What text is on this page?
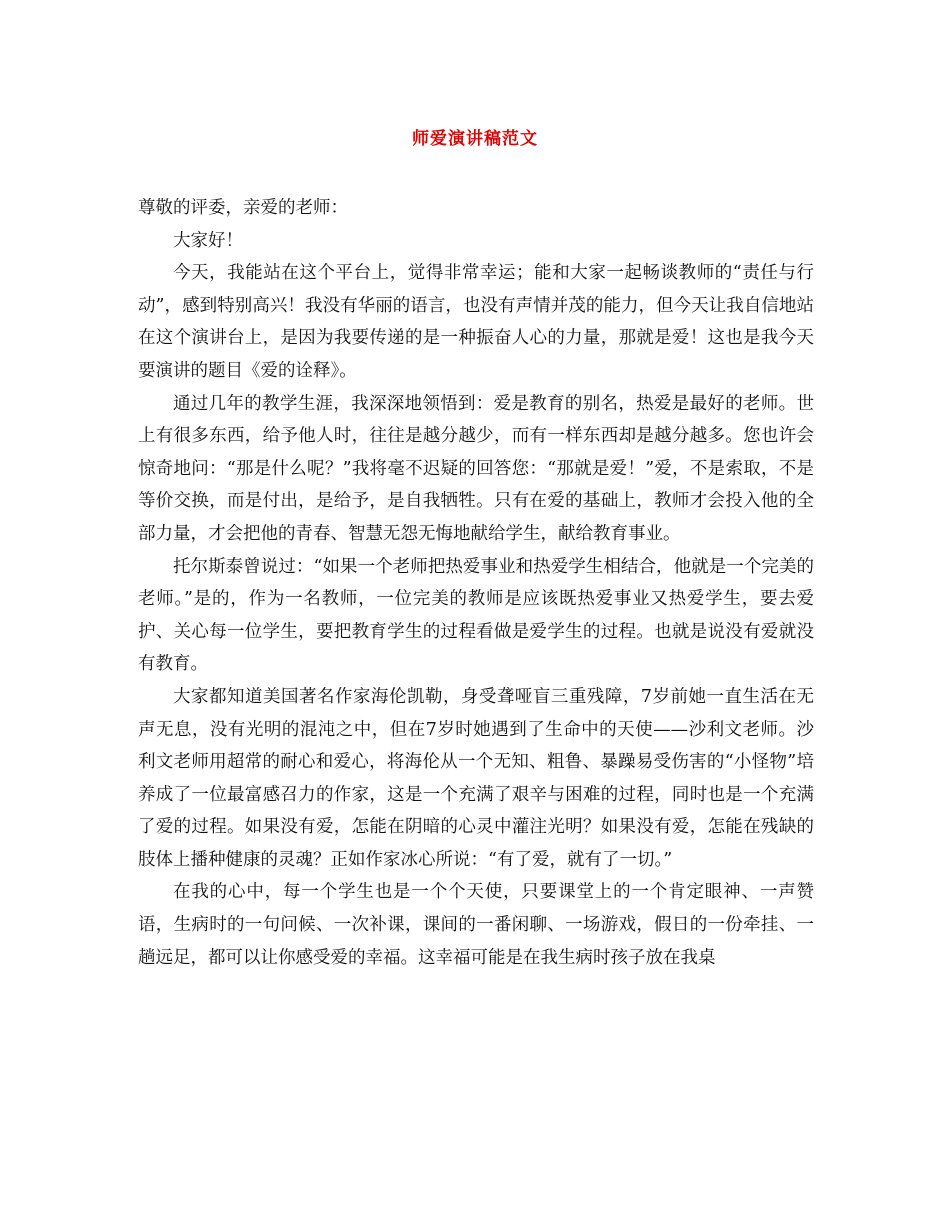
师爱演讲稿范文

尊敬的评委，亲爱的老师：

大家好！

今天，我能站在这个平台上，觉得非常幸运；能和大家一起畅谈教师的“责任与行动”，感到特别高兴！我没有华丽的语言，也没有声情并茂的能力，但今天让我自信地站在这个演讲台上，是因为我要传递的是一种振奋人心的力量，那就是爱！这也是我今天要演讲的题目《爱的诠释》。

通过几年的教学生涯，我深深地领悟到：爱是教育的别名，热爱是最好的老师。世上有很多东西，给予他人时，往往是越分越少，而有一样东西却是越分越多。您也许会惊奇地问：“那是什么呢？”我将毫不迟疑的回答您：“那就是爱！”爱，不是索取，不是等价交换，而是付出，是给予，是自我牺牲。只有在爱的基础上，教师才会投入他的全部力量，才会把他的青春、智慧无怨无悔地献给学生，献给教育事业。

托尔斯泰曾说过：“如果一个老师把热爱事业和热爱学生相结合，他就是一个完美的老师。”是的，作为一名教师，一位完美的教师是应该既热爱事业又热爱学生，要去爱护、关心每一位学生，要把教育学生的过程看做是爱学生的过程。也就是说没有爱就没有教育。

大家都知道美国著名作家海伦凯勒，身受聋哑盲三重残障，7岁前她一直生活在无声无息，没有光明的混沌之中，但在7岁时她遇到了生命中的天使——沙利文老师。沙利文老师用超常的耐心和爱心，将海伦从一个无知、粗鲁、暴躁易受伤害的“小怪物”培养成了一位最富感召力的作家，这是一个充满了艰辛与困难的过程，同时也是一个充满了爱的过程。如果没有爱，怎能在阴暗的心灵中灌注光明？如果没有爱，怎能在残缺的肢体上播种健康的灵魂？正如作家冰心所说：“有了爱，就有了一切。”

在我的心中，每一个学生也是一个个天使，只要课堂上的一个肯定眼神、一声赞语，生病时的一句问候、一次补课，课间的一番闲聊、一场游戏，假日的一份牵挂、一趟远足，都可以让你感受爱的幸福。这幸福可能是在我生病时孩子放在我桌
